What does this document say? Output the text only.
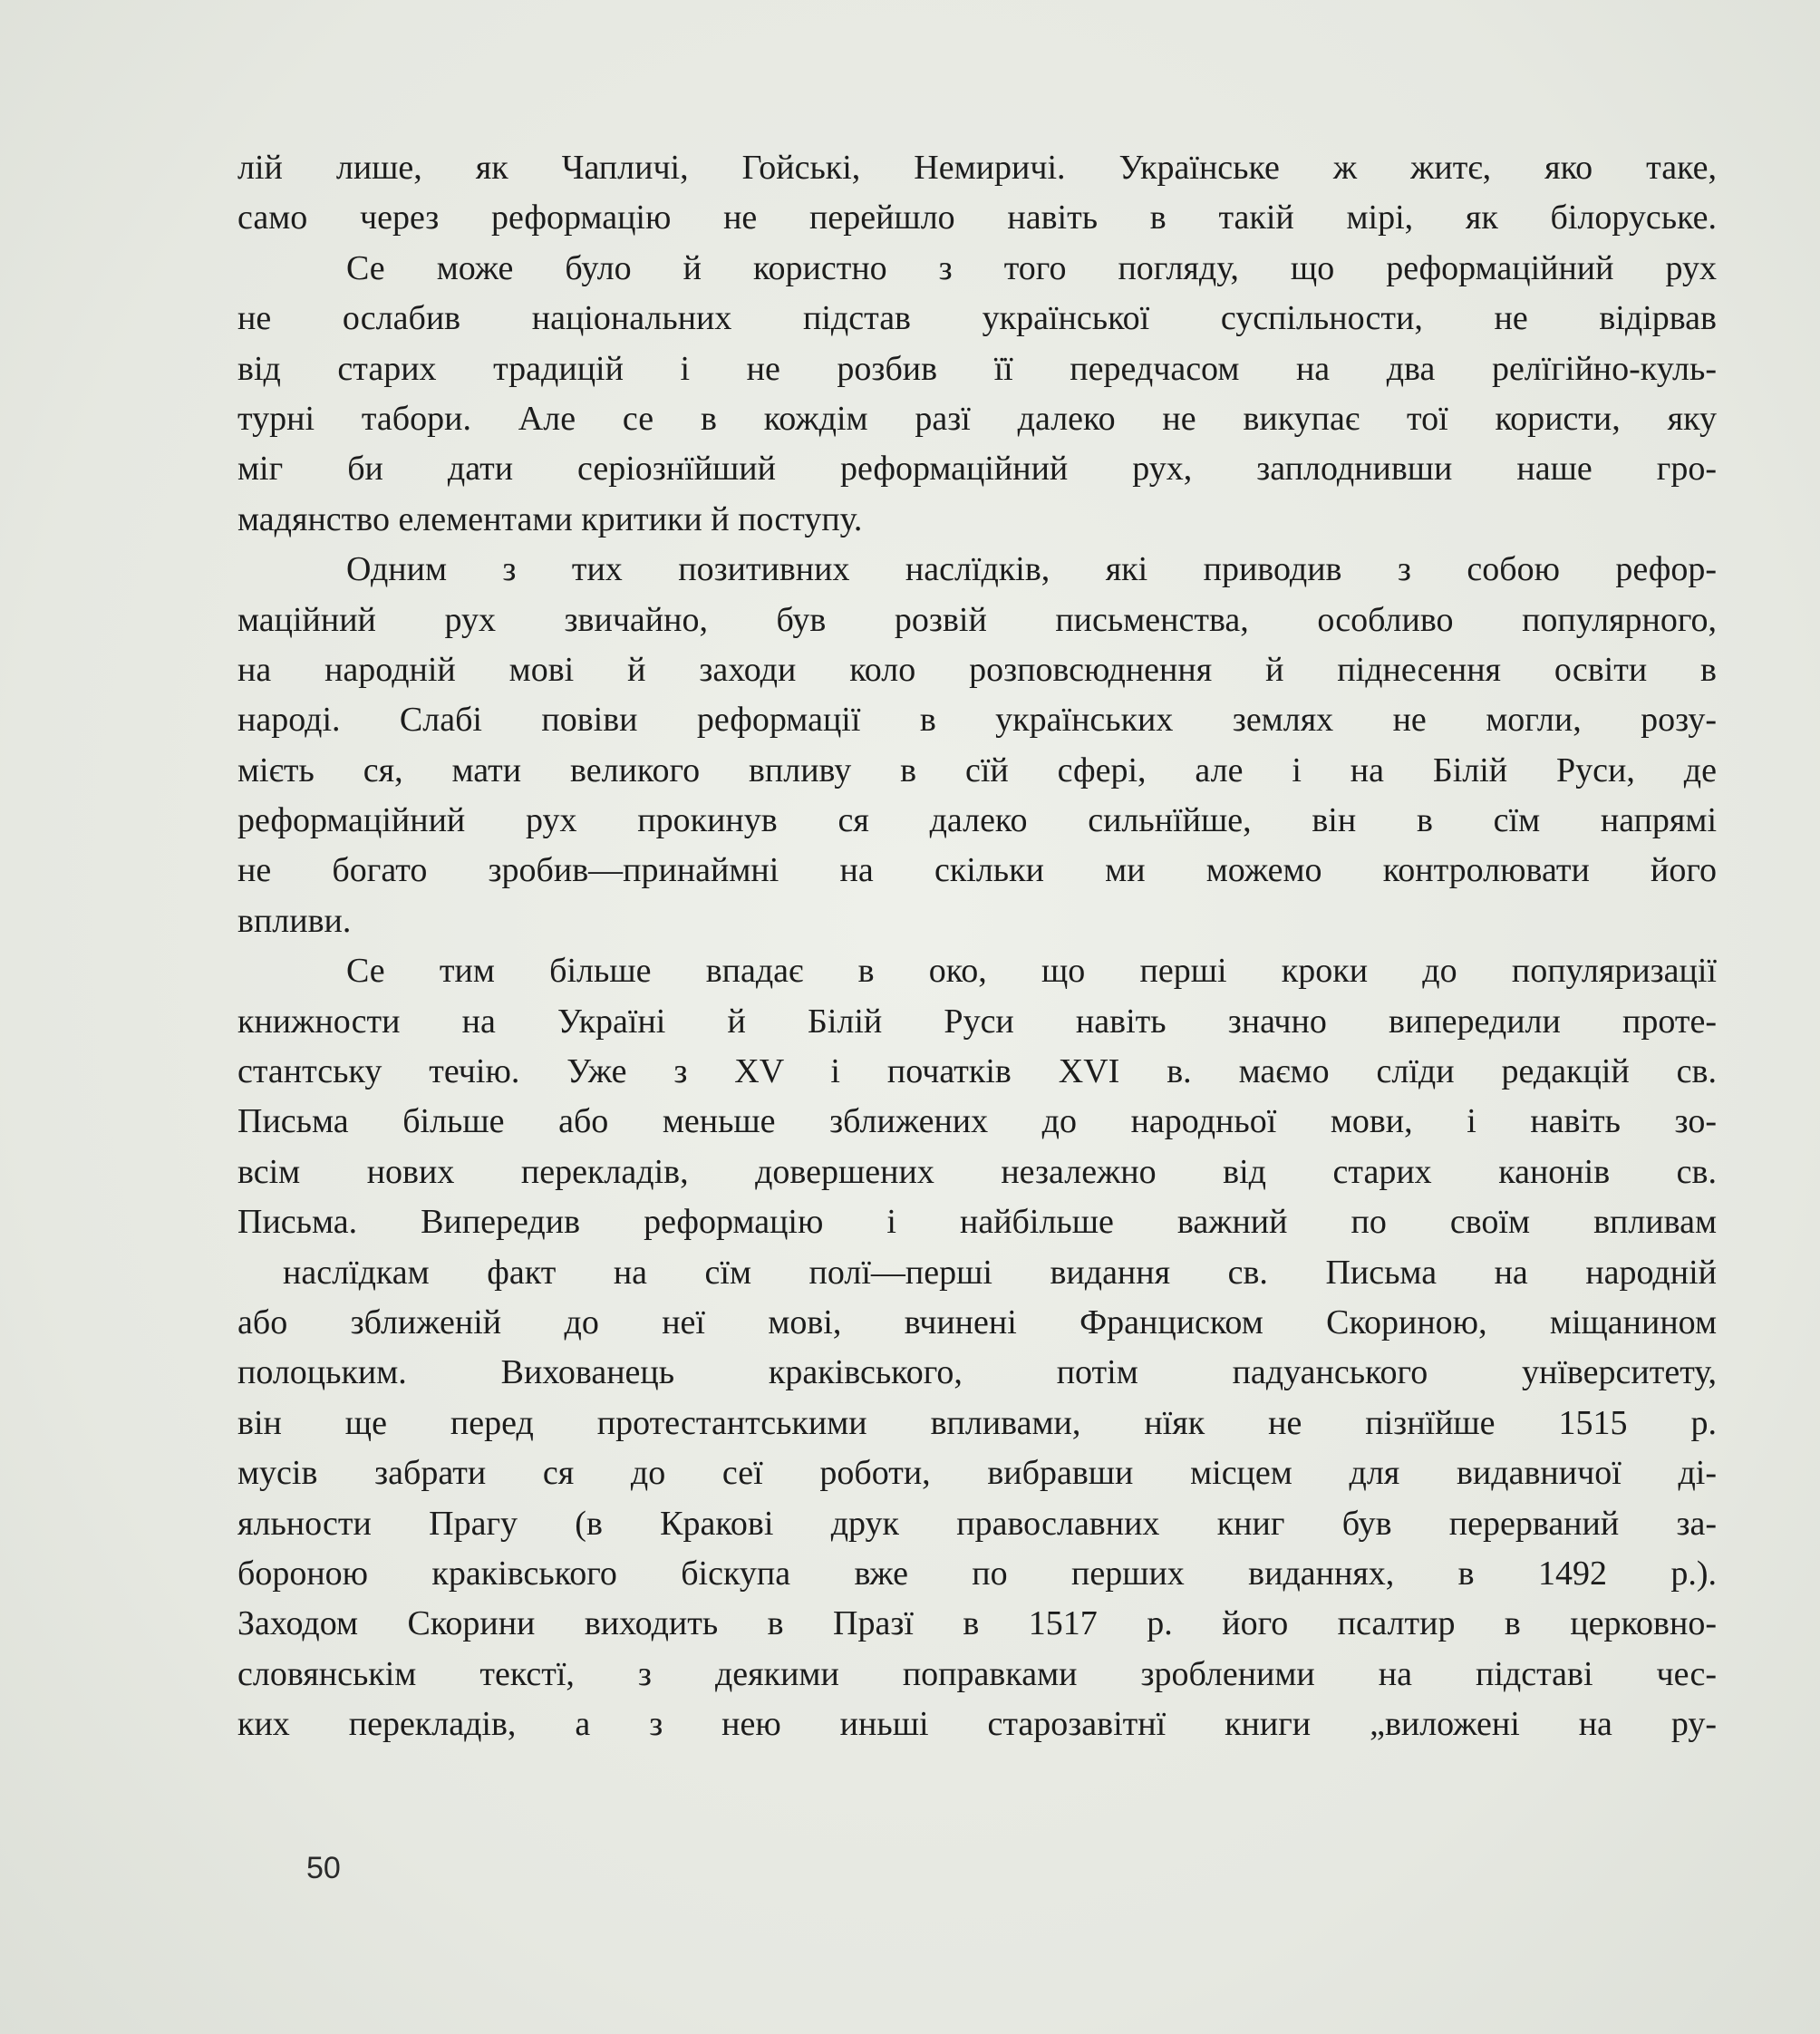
лій лише, як Чапличі, Гойські, Немиричі. Українське ж житє, яко таке,
само через реформацію не перейшло навіть в такій мірі, як білоруське.
Се може було й користно з того погляду, що реформаційний рух
не ослабив національних підстав української суспільности, не відірвав
від старих традицій і не розбив її передчасом на два релїгійно-куль-
турні табори. Але се в кождім разї далеко не викупає тої користи, яку
міг би дати серіознїйший реформаційний рух, заплоднивши наше гро-
мадянство елементами критики й поступу.
Одним з тих позитивних наслїдків, які приводив з собою рефор-
маційний рух звичайно, був розвій письменства, особливо популярного,
на народній мові й заходи коло розповсюднення й піднесення освіти в
народі. Слабі повіви реформації в українських землях не могли, розу-
мієть ся, мати великого впливу в сїй сфері, але і на Білій Руси, де
реформаційний рух прокинув ся далеко сильнїйше, він в сїм напрямі
не богато зробив—принаймні на скільки ми можемо контролювати його
впливи.
Се тим більше впадає в око, що перші кроки до популяризації
книжности на Україні й Білій Руси навіть значно випередили проте-
стантську течію. Уже з XV і початків XVI в. маємо слїди редакцій св.
Письма більше або меньше зближених до народньої мови, і навіть зо-
всім нових перекладів, довершених незалежно від старих канонів св.
Письма. Випередив реформацію і найбільше важний по своїм впливам
наслїдкам факт на сїм полї—перші видання св. Письма на народній
або зближеній до неї мові, вчинені Франциском Скориною, міщанином
полоцьким. Вихованець краківського, потім падуанського унїверситету,
він ще перед протестантськими впливами, нїяк не пізнїйше 1515 р.
мусів забрати ся до сеї роботи, вибравши місцем для видавничої ді-
яльности Прагу (в Кракові друк православних книг був перерваний за-
бороною краківського біскупа вже по перших виданнях, в 1492 р.).
Заходом Скорини виходить в Празї в 1517 р. його псалтир в церковно-
словянськім текстї, з деякими поправками зробленими на підставі чес-
ких перекладів, а з нею иньші старозавітнї книги „виложені на ру-
50
